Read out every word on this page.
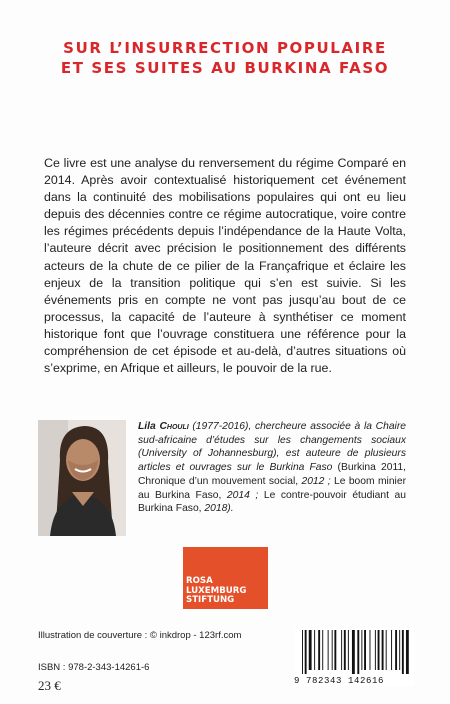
SUR L’INSURRECTION POPULAIRE
ET SES SUITES AU BURKINA FASO

Ce livre est une analyse du renversement du régime Comparé en 2014. Après avoir contextualisé historiquement cet événement dans la continuité des mobilisations populaires qui ont eu lieu depuis des décennies contre ce régime autocratique, voire contre les régimes précédents depuis l’indépendance de la Haute Volta, l’auteure décrit avec précision le positionnement des différents acteurs de la chute de ce pilier de la Françafrique et éclaire les enjeux de la transition politique qui s’en est suivie. Si les événements pris en compte ne vont pas jusqu’au bout de ce processus, la capacité de l’auteure à synthétiser ce moment historique font que l’ouvrage constituera une référence pour la compréhension de cet épisode et au-delà, d’autres situations où s’exprime, en Afrique et ailleurs, le pouvoir de la rue.

Lila Chouli (1977-2016), chercheure associée à la Chaire sud-africaine d’études sur les changements sociaux (University of Johannesburg), est auteure de plusieurs articles et ouvrages sur le Burkina Faso (Burkina 2011, Chronique d’un mouvement social, 2012 ; Le boom minier au Burkina Faso, 2014 ; Le contre-pouvoir étudiant au Burkina Faso, 2018).
ROSA
LUXEMBURG
STIFTUNG
Illustration de couverture : © inkdrop - 123rf.com
ISBN : 978-2-343-14261-6
23 €	9 782343 142616
